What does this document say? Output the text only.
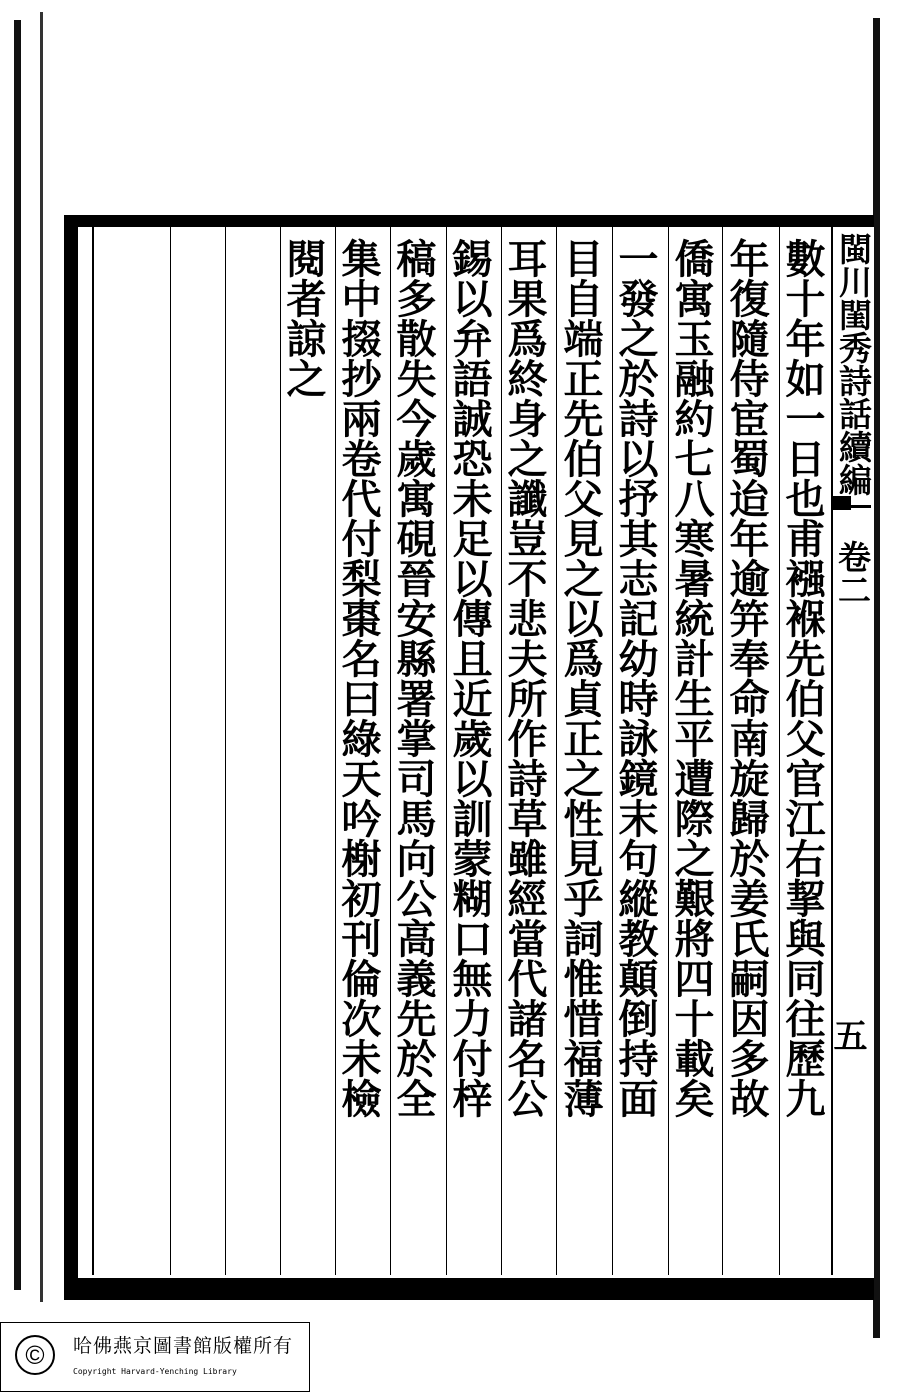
閩川閨秀詩話續編
卷二
五
數十年如一日也甫襁褓先伯父官江右挈與同往歷九
年復隨侍宦蜀迨年逾笄奉命南旋歸於姜氏嗣因多故
僑寓玉融約七八寒暑統計生平遭際之艱將四十載矣
一發之於詩以抒其志記幼時詠鏡末句縱教顛倒持面
目自端正先伯父見之以爲貞正之性見乎詞惟惜福薄
耳果爲終身之讖豈不悲夫所作詩草雖經當代諸名公
錫以弁語誠恐未足以傳且近歲以訓蒙糊口無力付梓
稿多散失今歲寓硯晉安縣署掌司馬向公高義先於全
集中掇抄兩卷代付梨棗名曰綠天吟榭初刊倫次未檢
閱者諒之
©	哈佛燕京圖書館版權所有
Copyright Harvard-Yenching Library
